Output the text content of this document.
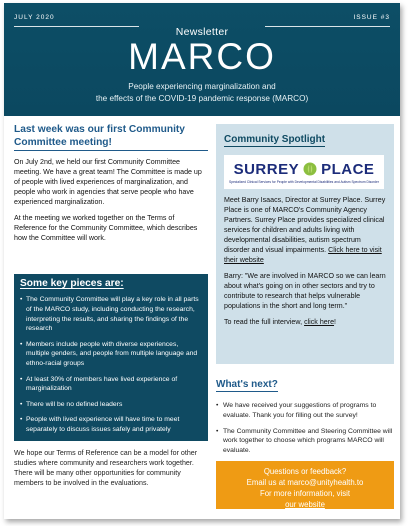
JULY 2020	ISSUE #3
Newsletter
MARCO
People experiencing marginalization and
the effects of the COVID-19 pandemic response (MARCO)
Last week was our first Community Committee meeting!

On July 2nd, we held our first Community Committee meeting. We have a great team! The Committee is made up of people with lived experiences of marginalization, and people who work in agencies that serve people who have experienced marginalization.

At the meeting we worked together on the Terms of Reference for the Community Committee, which describes how the Committee will work.

Some key pieces are:
• The Community Committee will play a key role in all parts of the MARCO study, including conducting the research, interpreting the results, and sharing the findings of the research
• Members include people with diverse experiences, multiple genders, and people from multiple language and ethno-racial groups
• At least 30% of members have lived experience of marginalization
• There will be no defined leaders
• People with lived experience will have time to meet separately to discuss issues safely and privately

We hope our Terms of Reference can be a model for other studies where community and researchers work together. There will be many other opportunities for community members to be involved in the evaluations.

Community Spotlight
SURREY PLACE
Specialized Clinical Services for People with Developmental Disabilities and Autism Spectrum Disorder

Meet Barry Isaacs, Director at Surrey Place. Surrey Place is one of MARCO's Community Agency Partners. Surrey Place provides specialized clinical services for children and adults living with developmental disabilities, autism spectrum disorder and visual impairments. Click here to visit their website

Barry: "We are involved in MARCO so we can learn about what's going on in other sectors and try to contribute to research that helps vulnerable populations in the short and long term."

To read the full interview, click here!

What's next?
• We have received your suggestions of programs to evaluate. Thank you for filling out the survey!
• The Community Committee and Steering Committee will work together to choose which programs MARCO will evaluate.
Questions or feedback?
Email us at marco@unityhealth.to
For more information, visit
our website
.
